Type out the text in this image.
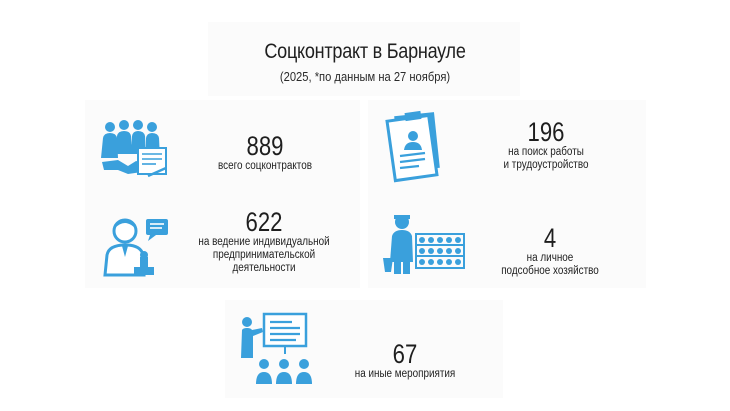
Соцконтракт в Барнауле
(2025, *по данным на 27 ноября)
889
всего соцконтрактов
196
на поиск работы
и трудоустройство
622
на ведение индивидуальной
предпринимательской
деятельности
4
на личное
подсобное хозяйство
67
на иные мероприятия
